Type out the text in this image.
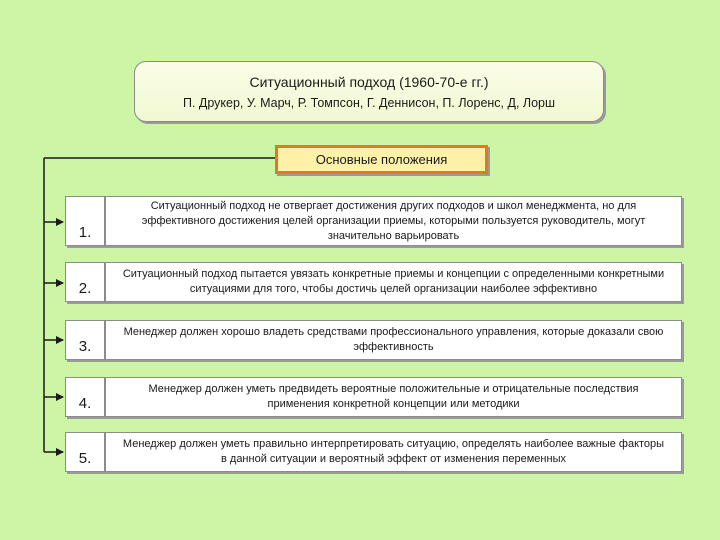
Ситуационный подход (1960-70-е гг.)
П. Друкер, У. Марч, Р. Томпсон, Г. Деннисон, П. Лоренс, Д, Лорш
Основные положения
1.
Ситуационный подход не отвергает достижения других подходов и школ менеджмента, но для эффективного достижения целей организации приемы, которыми пользуется руководитель, могут значительно варьировать
2.
Ситуационный подход пытается увязать конкретные приемы и концепции с определенными конкретными ситуациями для того, чтобы достичь целей организации наиболее эффективно
3.
Менеджер должен хорошо владеть средствами профессионального управления, которые доказали свою эффективность
4.
Менеджер должен уметь предвидеть вероятные положительные и отрицательные последствия применения конкретной концепции или методики
5.
Менеджер должен уметь правильно интерпретировать ситуацию, определять наиболее важные факторы в данной ситуации и вероятный эффект от изменения переменных
